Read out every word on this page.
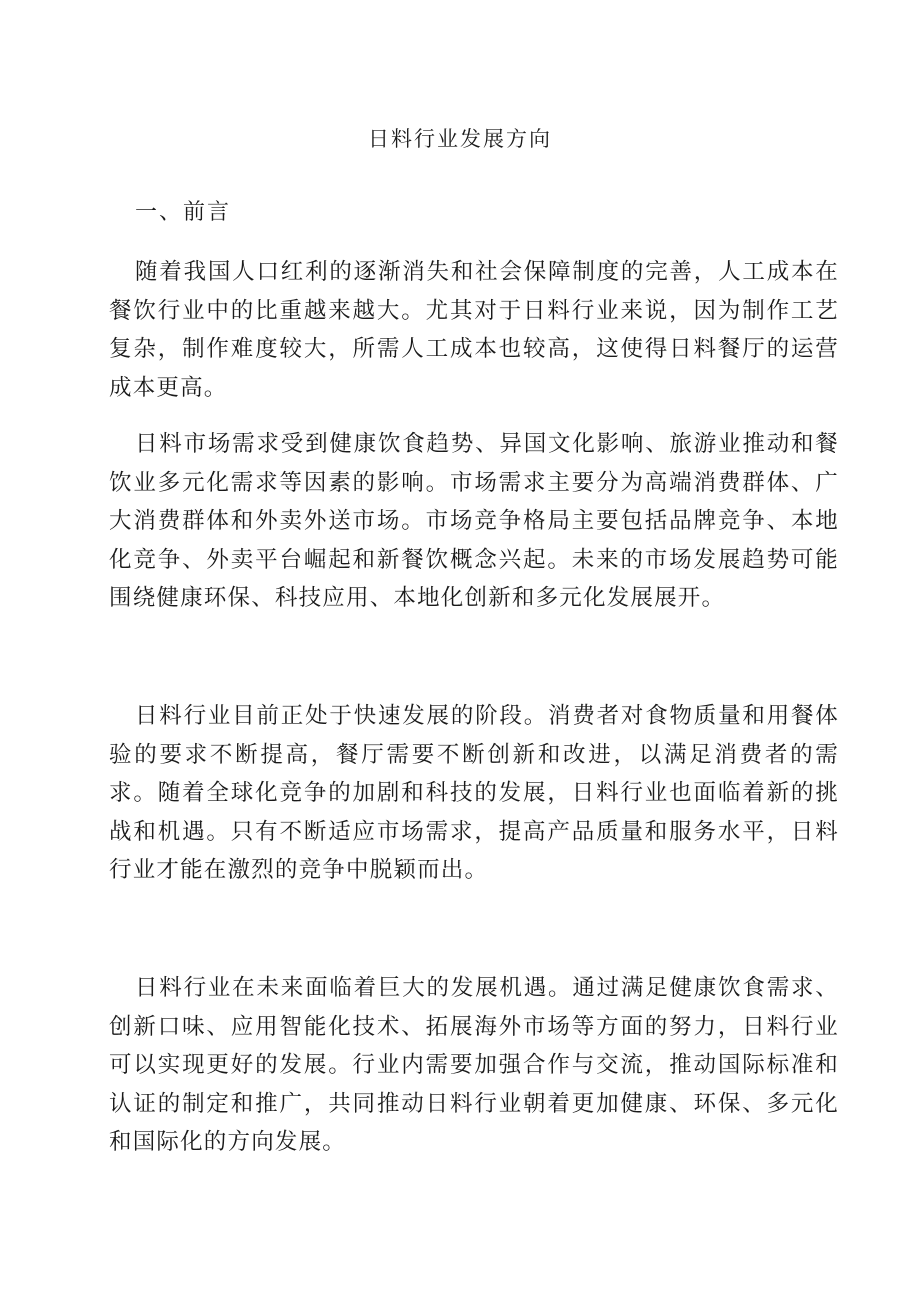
日料行业发展方向
一、前言

随着我国人口红利的逐渐消失和社会保障制度的完善，人工成本在餐饮行业中的比重越来越大。尤其对于日料行业来说，因为制作工艺复杂，制作难度较大，所需人工成本也较高，这使得日料餐厅的运营成本更高。

日料市场需求受到健康饮食趋势、异国文化影响、旅游业推动和餐饮业多元化需求等因素的影响。市场需求主要分为高端消费群体、广大消费群体和外卖外送市场。市场竞争格局主要包括品牌竞争、本地化竞争、外卖平台崛起和新餐饮概念兴起。未来的市场发展趋势可能围绕健康环保、科技应用、本地化创新和多元化发展展开。

日料行业目前正处于快速发展的阶段。消费者对食物质量和用餐体验的要求不断提高，餐厅需要不断创新和改进，以满足消费者的需求。随着全球化竞争的加剧和科技的发展，日料行业也面临着新的挑战和机遇。只有不断适应市场需求，提高产品质量和服务水平，日料行业才能在激烈的竞争中脱颖而出。

日料行业在未来面临着巨大的发展机遇。通过满足健康饮食需求、创新口味、应用智能化技术、拓展海外市场等方面的努力，日料行业可以实现更好的发展。行业内需要加强合作与交流，推动国际标准和认证的制定和推广，共同推动日料行业朝着更加健康、环保、多元化和国际化的方向发展。
